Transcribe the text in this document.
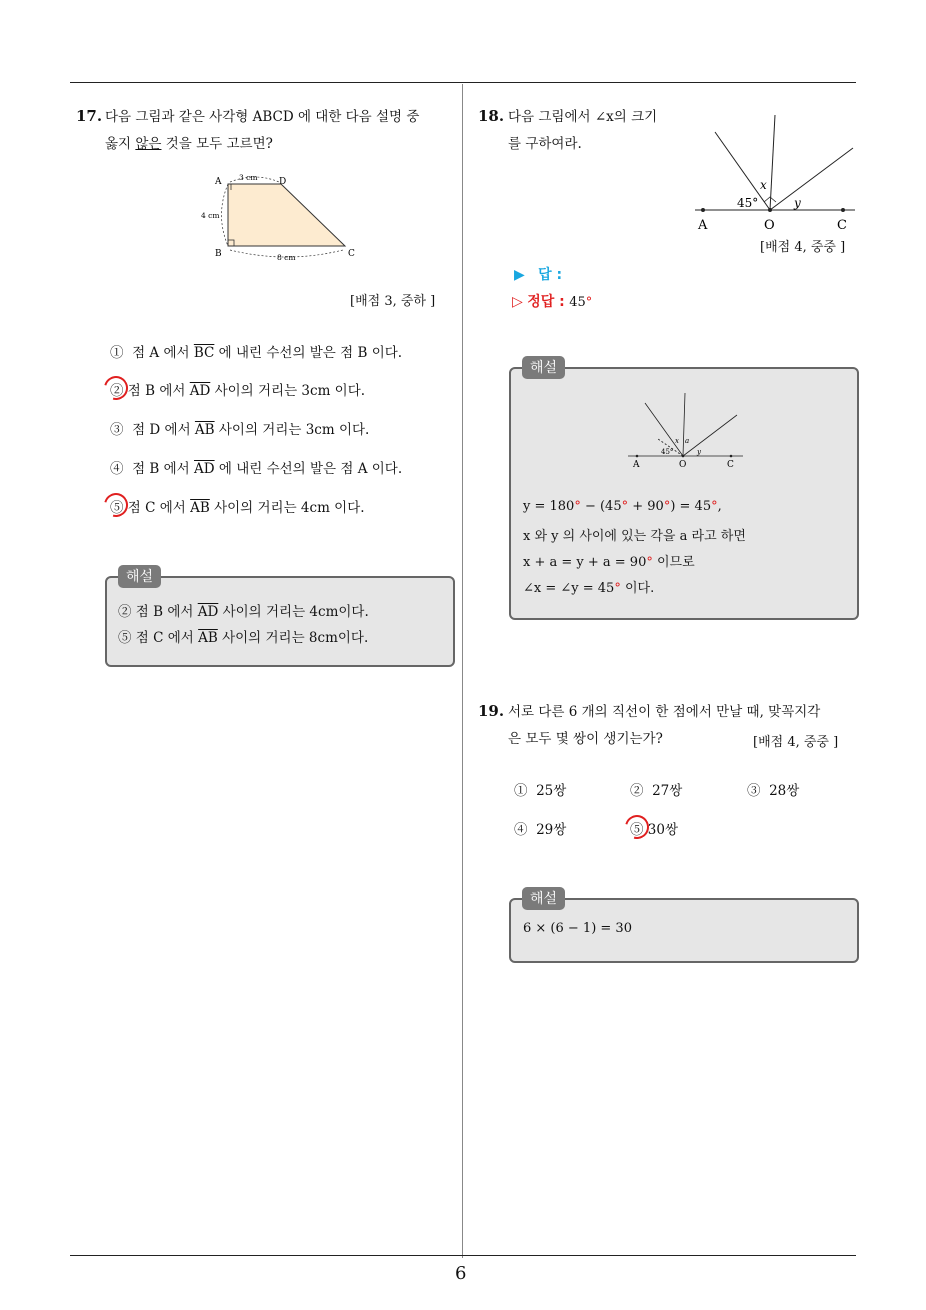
6
17. 다음 그림과 같은 사각형 ABCD 에 대한 다음 설명 중
옳지 않은 것을 모두 고르면?
A	D
B	C
3 cm
4 cm
8 cm
[배점 3, 중하 ]
① 점 A 에서 $\overline{BC}$ 에 내린 수선의 발은 점 B 이다.
② 점 B 에서 $\overline{AD}$ 사이의 거리는 3cm 이다.
③ 점 D 에서 $\overline{AB}$ 사이의 거리는 3cm 이다.
④ 점 B 에서 $\overline{AD}$ 에 내린 수선의 발은 점 A 이다.
⑤ 점 C 에서 $\overline{AB}$ 사이의 거리는 4cm 이다.
② 점 B 에서 $\overline{AD}$ 사이의 거리는 4cm이다.
⑤ 점 C 에서 $\overline{AB}$ 사이의 거리는 8cm이다.
해설
18. 다음 그림에서 ∠x의 크기
를 구하여라.
A	O	C
45°
x
y
[배점 4, 중중 ]
▶ 답 :
▷ 정답 : 45°
A	O	C
45°
x a
y
y = 180° − (45° + 90°) = 45°,
x 와 y 의 사이에 있는 각을 a 라고 하면
x + a = y + a = 90° 이므로
∠x = ∠y = 45° 이다.
해설
19. 서로 다른 6 개의 직선이 한 점에서 만날 때, 맞꼭지각
은 모두 몇 쌍이 생기는가?	[배점 4, 중중 ]
① 25쌍	② 27쌍	③ 28쌍
④ 29쌍	⑤ 30쌍
6 × (6 − 1) = 30
해설
